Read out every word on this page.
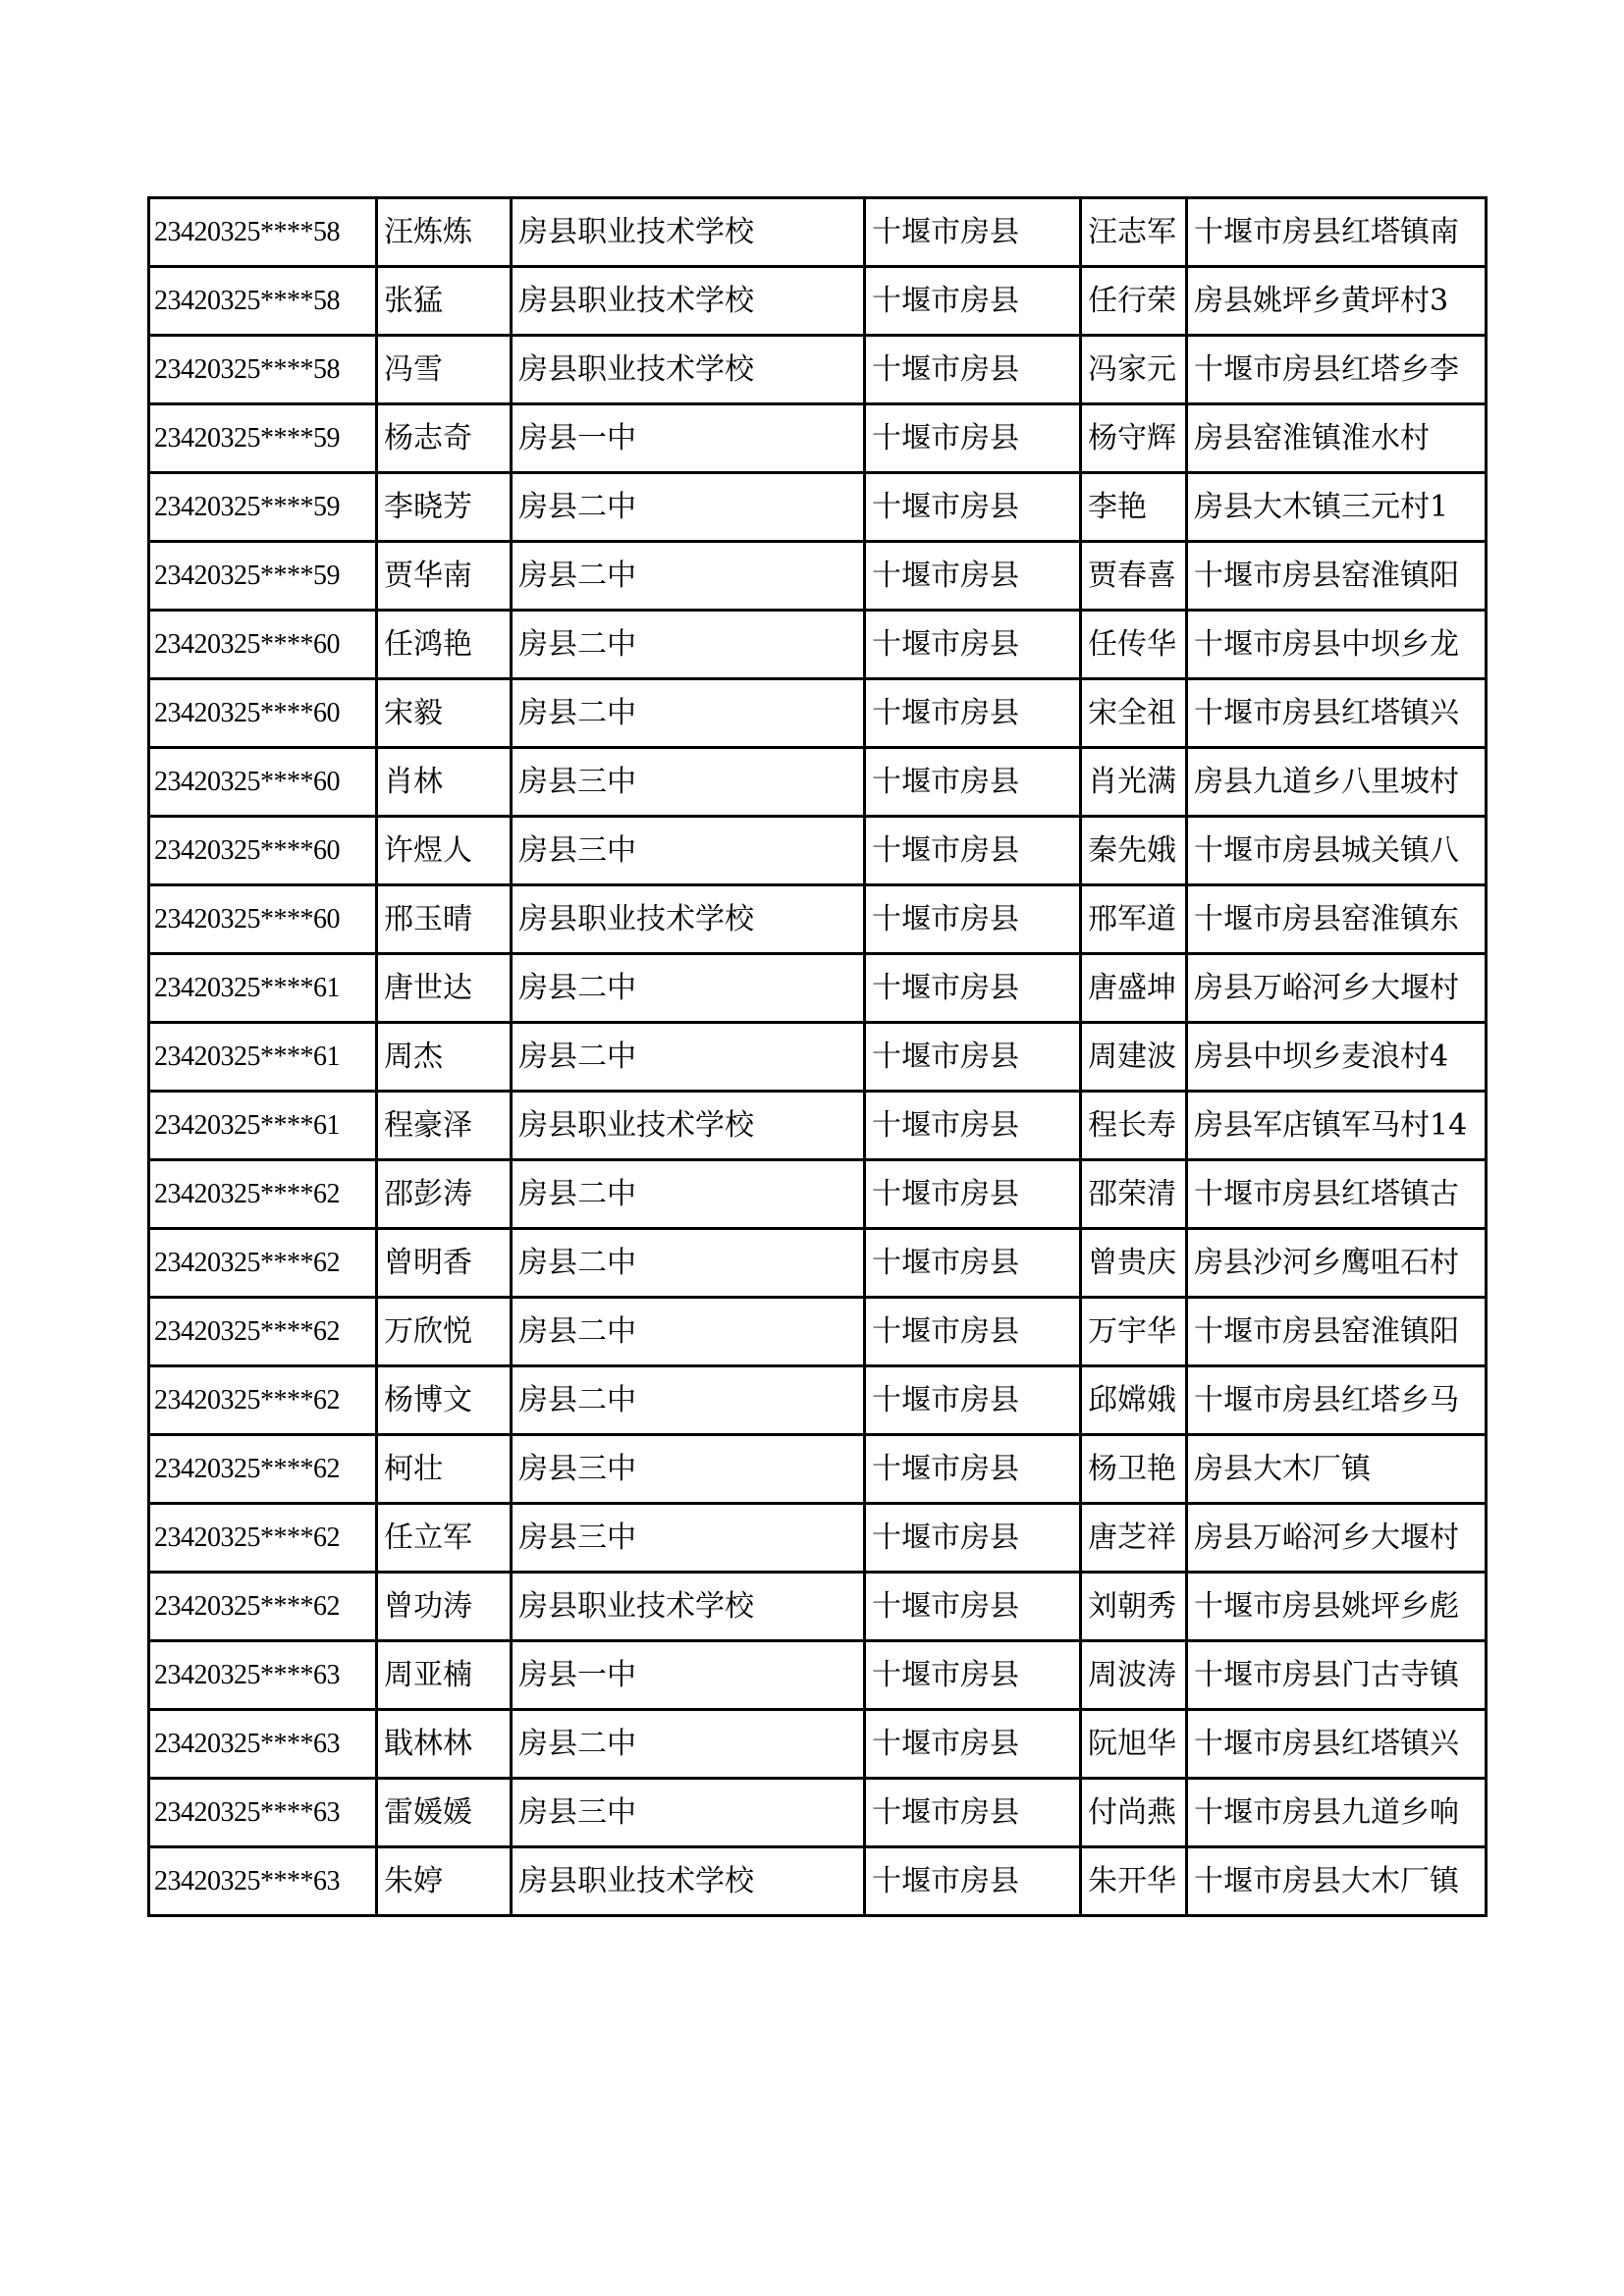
23420325****58	汪炼炼	房县职业技术学校	十堰市房县	汪志军	十堰市房县红塔镇南
23420325****58	张猛	房县职业技术学校	十堰市房县	任行荣	房县姚坪乡黄坪村3
23420325****58	冯雪	房县职业技术学校	十堰市房县	冯家元	十堰市房县红塔乡李
23420325****59	杨志奇	房县一中	十堰市房县	杨守辉	房县窑淮镇淮水村
23420325****59	李晓芳	房县二中	十堰市房县	李艳	房县大木镇三元村1
23420325****59	贾华南	房县二中	十堰市房县	贾春喜	十堰市房县窑淮镇阳
23420325****60	任鸿艳	房县二中	十堰市房县	任传华	十堰市房县中坝乡龙
23420325****60	宋毅	房县二中	十堰市房县	宋全祖	十堰市房县红塔镇兴
23420325****60	肖林	房县三中	十堰市房县	肖光满	房县九道乡八里坡村
23420325****60	许煜人	房县三中	十堰市房县	秦先娥	十堰市房县城关镇八
23420325****60	邢玉晴	房县职业技术学校	十堰市房县	邢军道	十堰市房县窑淮镇东
23420325****61	唐世达	房县二中	十堰市房县	唐盛坤	房县万峪河乡大堰村
23420325****61	周杰	房县二中	十堰市房县	周建波	房县中坝乡麦浪村4
23420325****61	程豪泽	房县职业技术学校	十堰市房县	程长寿	房县军店镇军马村14
23420325****62	邵彭涛	房县二中	十堰市房县	邵荣清	十堰市房县红塔镇古
23420325****62	曾明香	房县二中	十堰市房县	曾贵庆	房县沙河乡鹰咀石村
23420325****62	万欣悦	房县二中	十堰市房县	万宇华	十堰市房县窑淮镇阳
23420325****62	杨博文	房县二中	十堰市房县	邱嫦娥	十堰市房县红塔乡马
23420325****62	柯壮	房县三中	十堰市房县	杨卫艳	房县大木厂镇
23420325****62	任立军	房县三中	十堰市房县	唐芝祥	房县万峪河乡大堰村
23420325****62	曾功涛	房县职业技术学校	十堰市房县	刘朝秀	十堰市房县姚坪乡彪
23420325****63	周亚楠	房县一中	十堰市房县	周波涛	十堰市房县门古寺镇
23420325****63	戢林林	房县二中	十堰市房县	阮旭华	十堰市房县红塔镇兴
23420325****63	雷媛媛	房县三中	十堰市房县	付尚燕	十堰市房县九道乡响
23420325****63	朱婷	房县职业技术学校	十堰市房县	朱开华	十堰市房县大木厂镇
